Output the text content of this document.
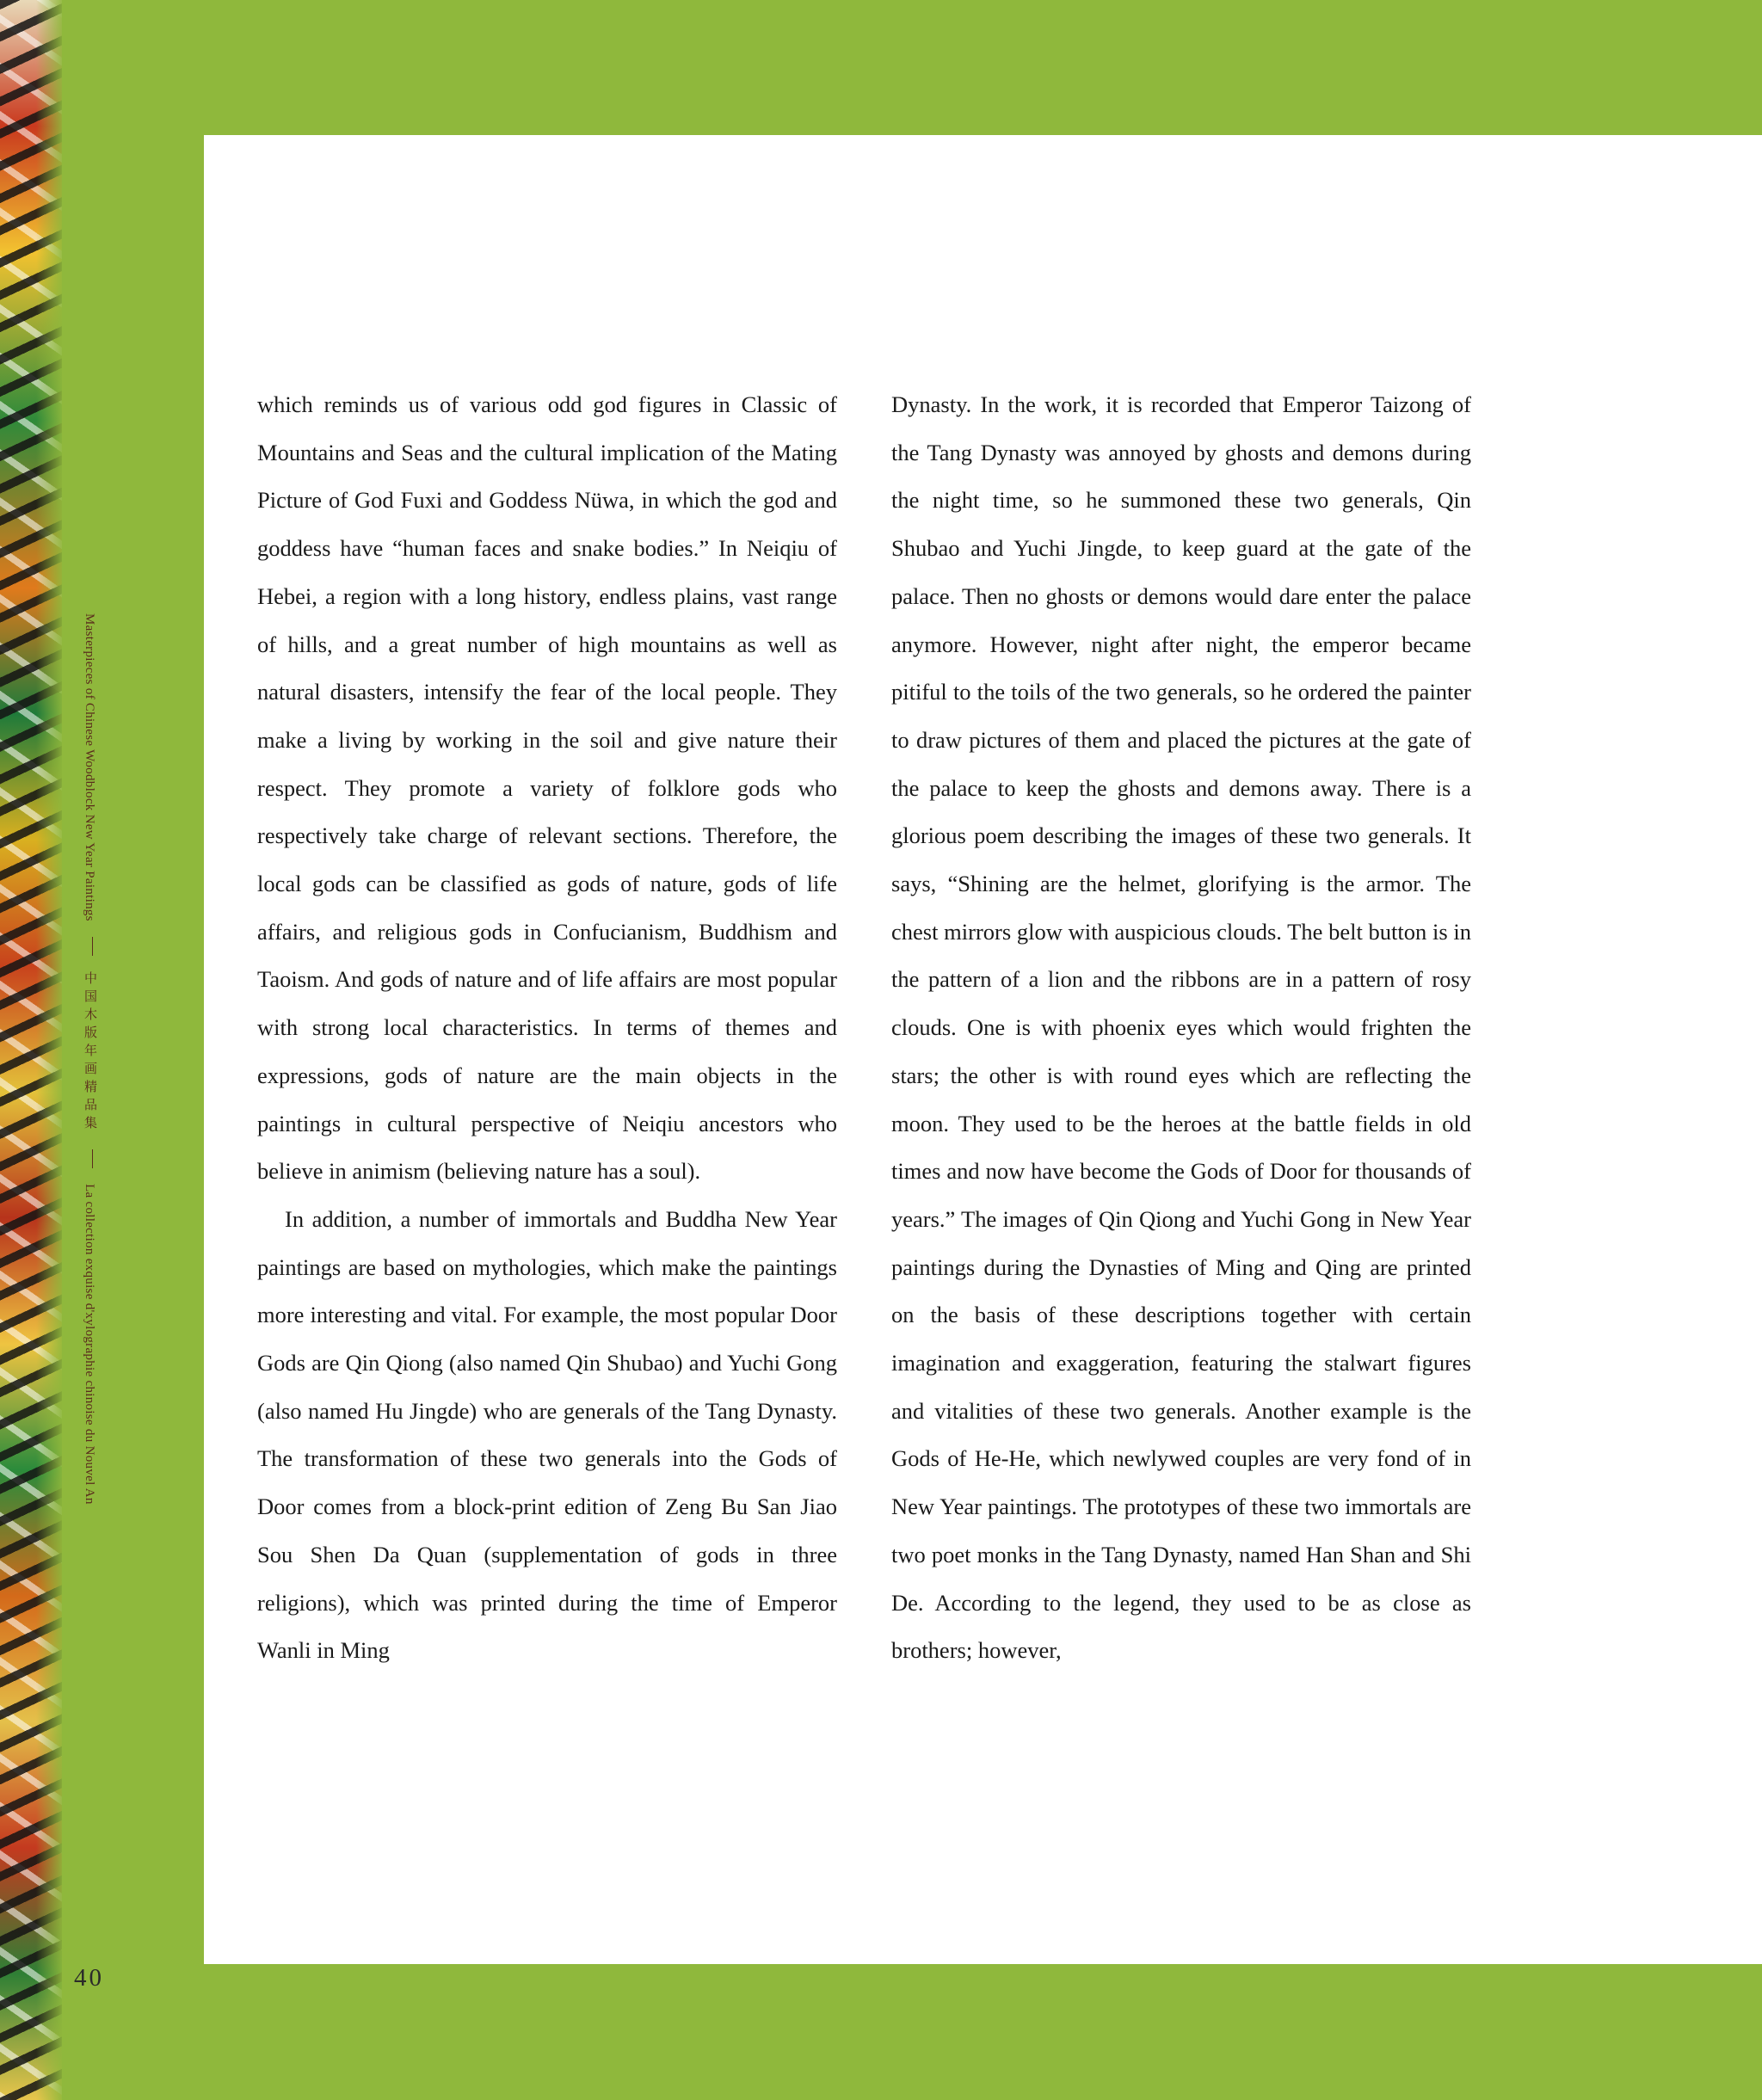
Masterpieces of Chinese Woodblock New Year Paintings  中国木版年画精品集  La collection exquise d'xylographie chinoise du Nouvel An
40

which reminds us of various odd god figures in Classic of Mountains and Seas and the cultural implication of the Mating Picture of God Fuxi and Goddess Nüwa, in which the god and goddess have “human faces and snake bodies.” In Neiqiu of Hebei, a region with a long history, endless plains, vast range of hills, and a great number of high mountains as well as natural disasters, intensify the fear of the local people. They make a living by working in the soil and give nature their respect. They promote a variety of folklore gods who respectively take charge of relevant sections. Therefore, the local gods can be classified as gods of nature, gods of life affairs, and religious gods in Confucianism, Buddhism and Taoism. And gods of nature and of life affairs are most popular with strong local characteristics. In terms of themes and expressions, gods of nature are the main objects in the paintings in cultural perspective of Neiqiu ancestors who believe in animism (believing nature has a soul).

In addition, a number of immortals and Buddha New Year paintings are based on mythologies, which make the paintings more interesting and vital. For example, the most popular Door Gods are Qin Qiong (also named Qin Shubao) and Yuchi Gong (also named Hu Jingde) who are generals of the Tang Dynasty. The transformation of these two generals into the Gods of Door comes from a block-print edition of Zeng Bu San Jiao Sou Shen Da Quan (supplementation of gods in three religions), which was printed during the time of Emperor Wanli in Ming

Dynasty. In the work, it is recorded that Emperor Taizong of the Tang Dynasty was annoyed by ghosts and demons during the night time, so he summoned these two generals, Qin Shubao and Yuchi Jingde, to keep guard at the gate of the palace. Then no ghosts or demons would dare enter the palace anymore. However, night after night, the emperor became pitiful to the toils of the two generals, so he ordered the painter to draw pictures of them and placed the pictures at the gate of the palace to keep the ghosts and demons away. There is a glorious poem describing the images of these two generals. It says, “Shining are the helmet, glorifying is the armor. The chest mirrors glow with auspicious clouds. The belt button is in the pattern of a lion and the ribbons are in a pattern of rosy clouds. One is with phoenix eyes which would frighten the stars; the other is with round eyes which are reflecting the moon. They used to be the heroes at the battle fields in old times and now have become the Gods of Door for thousands of years.” The images of Qin Qiong and Yuchi Gong in New Year paintings during the Dynasties of Ming and Qing are printed on the basis of these descriptions together with certain imagination and exaggeration, featuring the stalwart figures and vitalities of these two generals. Another example is the Gods of He-He, which newlywed couples are very fond of in New Year paintings. The prototypes of these two immortals are two poet monks in the Tang Dynasty, named Han Shan and Shi De. According to the legend, they used to be as close as brothers; however,
